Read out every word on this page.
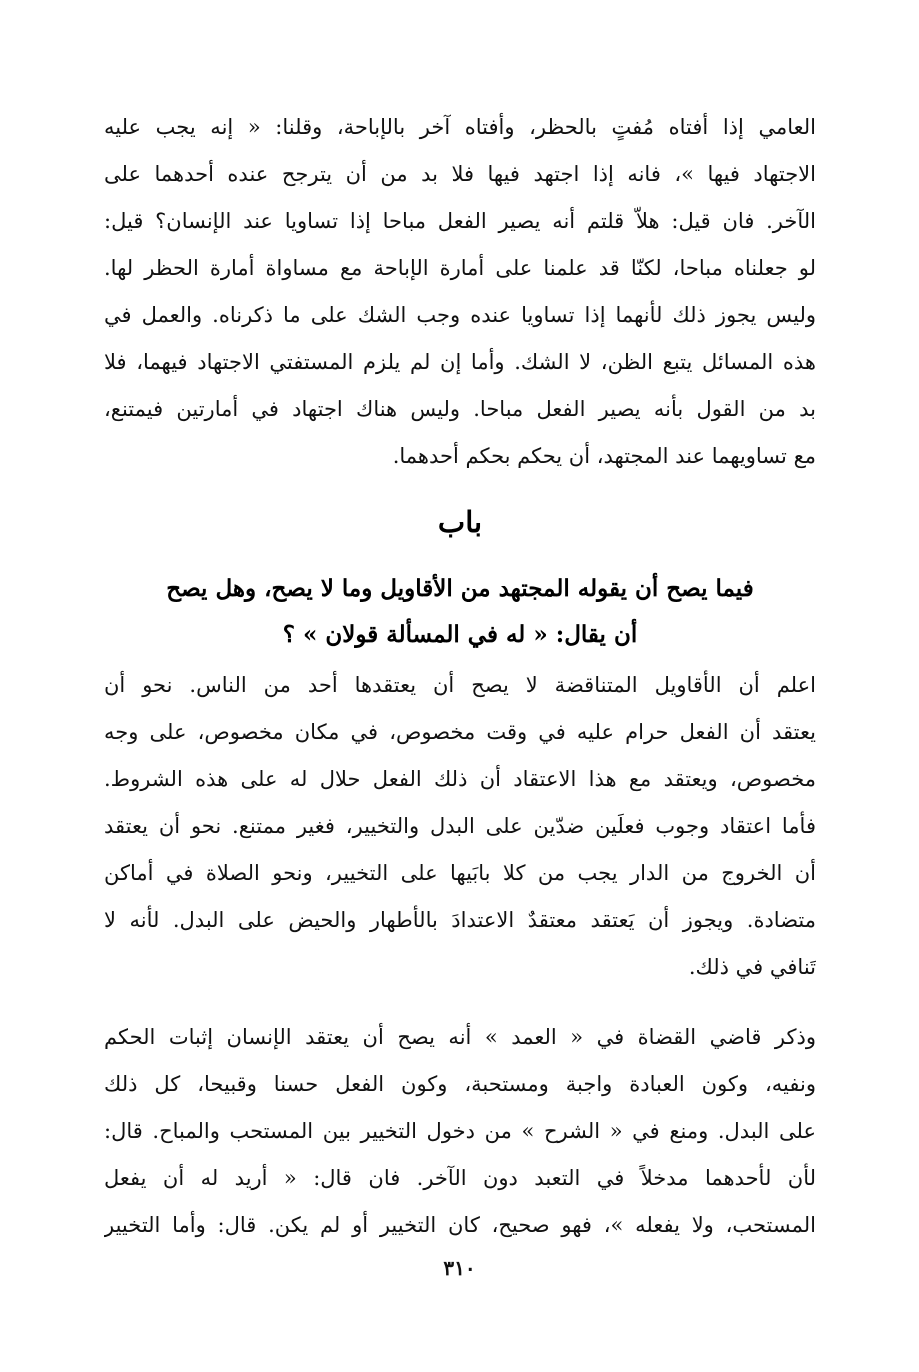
العامي إذا أفتاه مُفتٍ بالحظر، وأفتاه آخر بالإباحة، وقلنا: « إنه يجب عليه
الاجتهاد فيها »، فانه إذا اجتهد فيها فلا بد من أن يترجح عنده أحدهما على
الآخر. فان قيل: هلاّ قلتم أنه يصير الفعل مباحا إذا تساويا عند الإنسان؟ قيل:
لو جعلناه مباحا، لكنّا قد علمنا على أمارة الإباحة مع مساواة أمارة الحظر لها.
وليس يجوز ذلك لأنهما إذا تساويا عنده وجب الشك على ما ذكرناه. والعمل في
هذه المسائل يتبع الظن، لا الشك. وأما إن لم يلزم المستفتي الاجتهاد فيهما، فلا
بد من القول بأنه يصير الفعل مباحا. وليس هناك اجتهاد في أمارتين فيمتنع،
مع تساويهما عند المجتهد، أن يحكم بحكم أحدهما.
باب
فيما يصح أن يقوله المجتهد من الأقاويل وما لا يصح، وهل يصح
أن يقال: « له في المسألة قولان » ؟
اعلم أن الأقاويل المتناقضة لا يصح أن يعتقدها أحد من الناس. نحو أن
يعتقد أن الفعل حرام عليه في وقت مخصوص، في مكان مخصوص، على وجه
مخصوص، ويعتقد مع هذا الاعتقاد أن ذلك الفعل حلال له على هذه الشروط.
فأما اعتقاد وجوب فعلَين ضدّين على البدل والتخيير، فغير ممتنع. نحو أن يعتقد
أن الخروج من الدار يجب من كلا بابَيها على التخيير، ونحو الصلاة في أماكن
متضادة. ويجوز أن يَعتقد معتقدٌ الاعتدادَ بالأطهار والحيض على البدل. لأنه لا
تَنافي في ذلك.
وذكر قاضي القضاة في « العمد » أنه يصح أن يعتقد الإنسان إثبات الحكم
ونفيه، وكون العبادة واجبة ومستحبة، وكون الفعل حسنا وقبيحا، كل ذلك
على البدل. ومنع في « الشرح » من دخول التخيير بين المستحب والمباح. قال:
لأن لأحدهما مدخلاً في التعبد دون الآخر. فان قال: « أريد له أن يفعل
المستحب، ولا يفعله »، فهو صحيح، كان التخيير أو لم يكن. قال: وأما التخيير
٣١٠
